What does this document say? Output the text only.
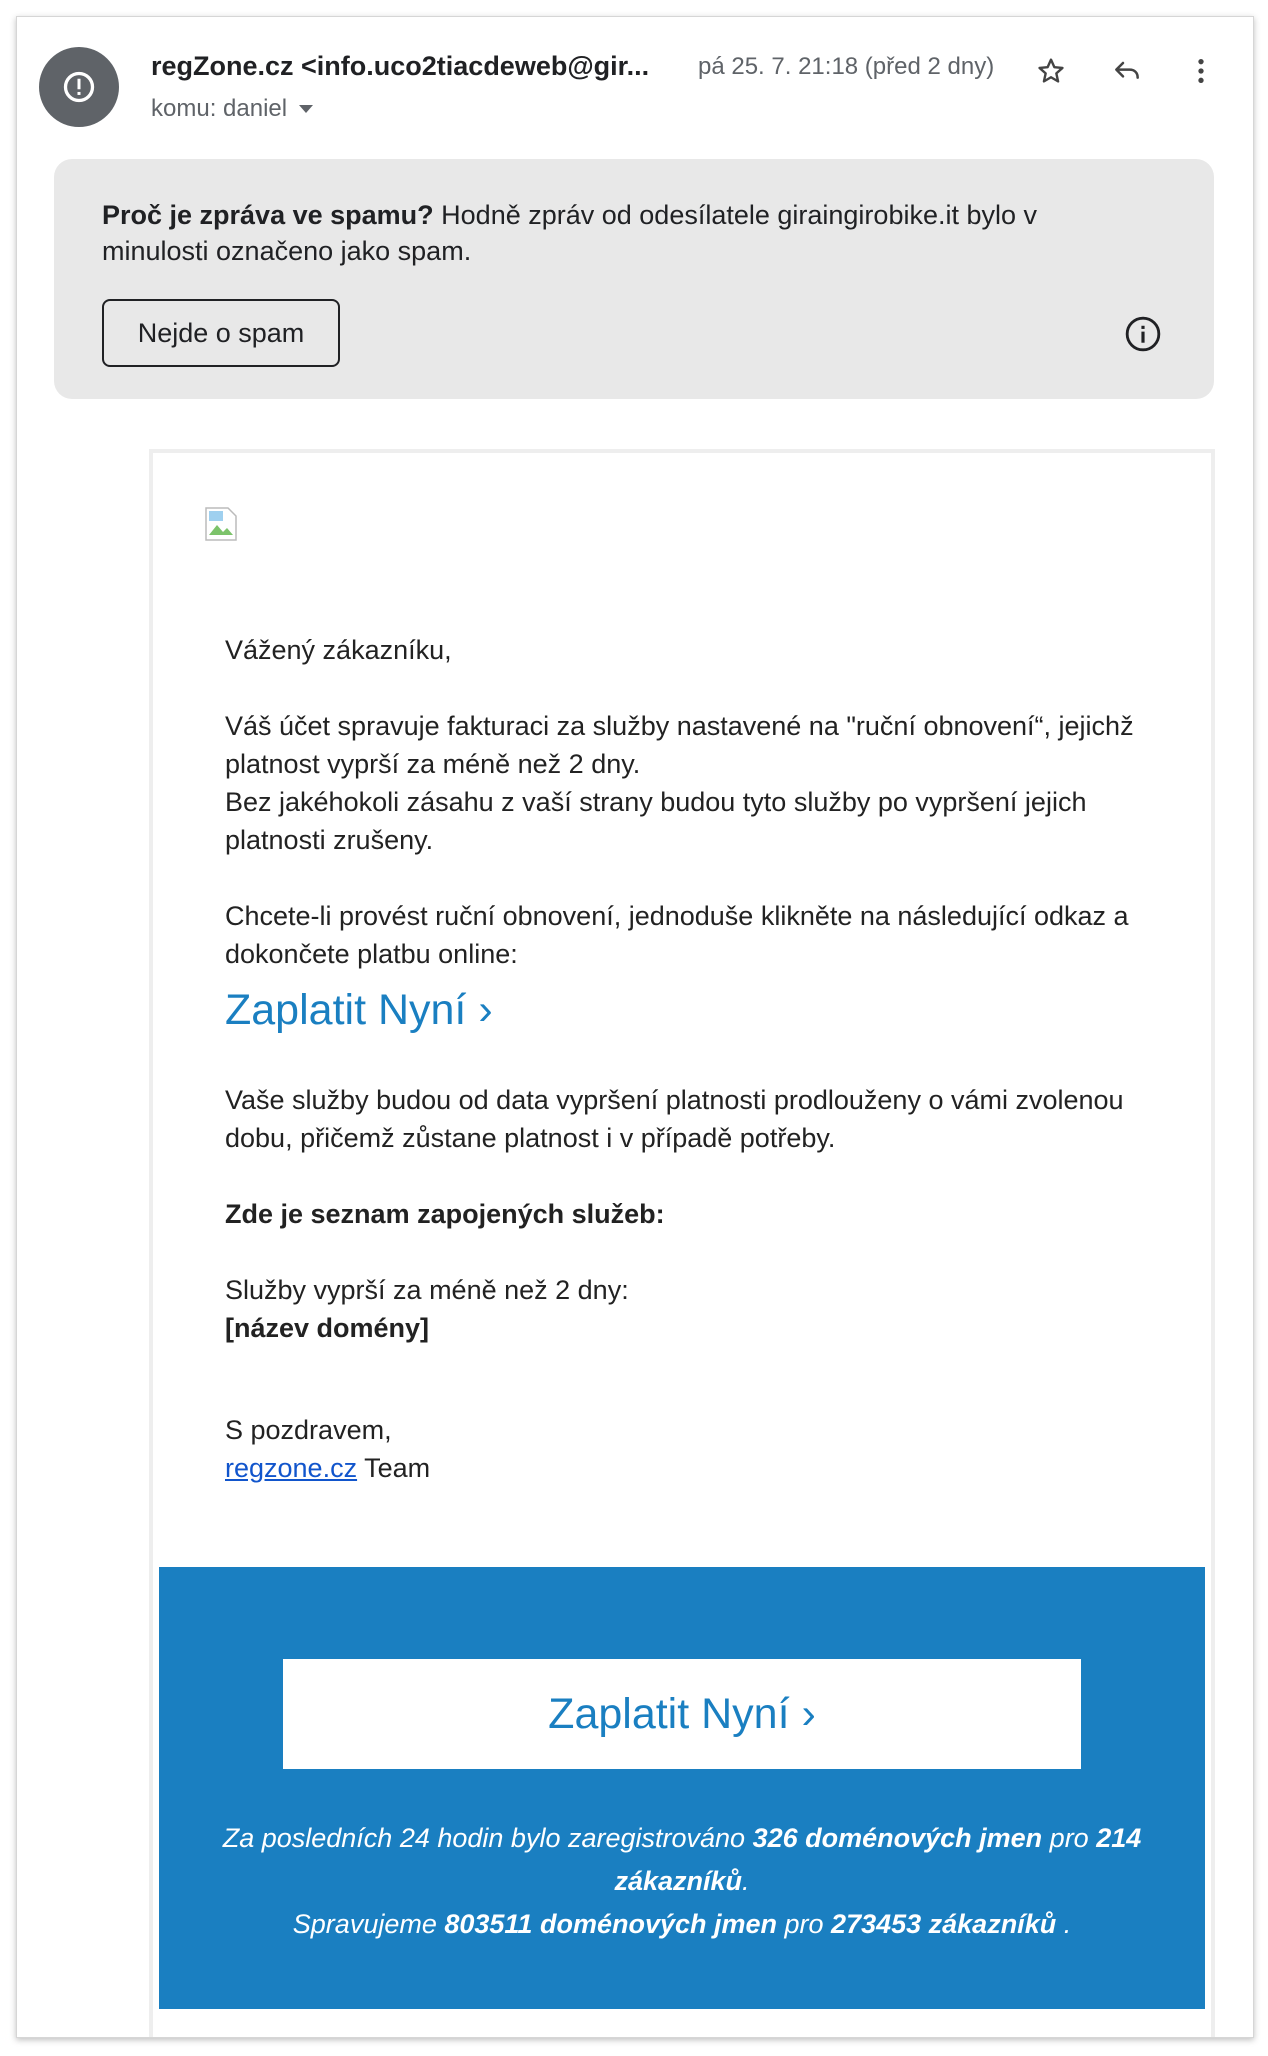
regZone.cz <info.uco2tiacdeweb@gir...
komu: daniel
pá 25. 7. 21:18 (před 2 dny)
Proč je zpráva ve spamu? Hodně zpráv od odesílatele giraingirobike.it bylo v minulosti označeno jako spam.
Nejde o spam

Vážený zákazníku,

Váš účet spravuje fakturaci za služby nastavené na "ruční obnovení“, jejichž platnost vyprší za méně než 2 dny.
Bez jakéhokoli zásahu z vaší strany budou tyto služby po vypršení jejich platnosti zrušeny.

Chcete-li provést ruční obnovení, jednoduše klikněte na následující odkaz a dokončete platbu online:

Zaplatit Nyní ›

Vaše služby budou od data vypršení platnosti prodlouženy o vámi zvolenou dobu, přičemž zůstane platnost i v případě potřeby.

Zde je seznam zapojených služeb:

Služby vyprší za méně než 2 dny:
[název domény]

S pozdravem,
regzone.cz Team

Zaplatit Nyní ›
Za posledních 24 hodin bylo zaregistrováno 326 doménových jmen pro 214 zákazníků.
Spravujeme 803511 doménových jmen pro 273453 zákazníků .
